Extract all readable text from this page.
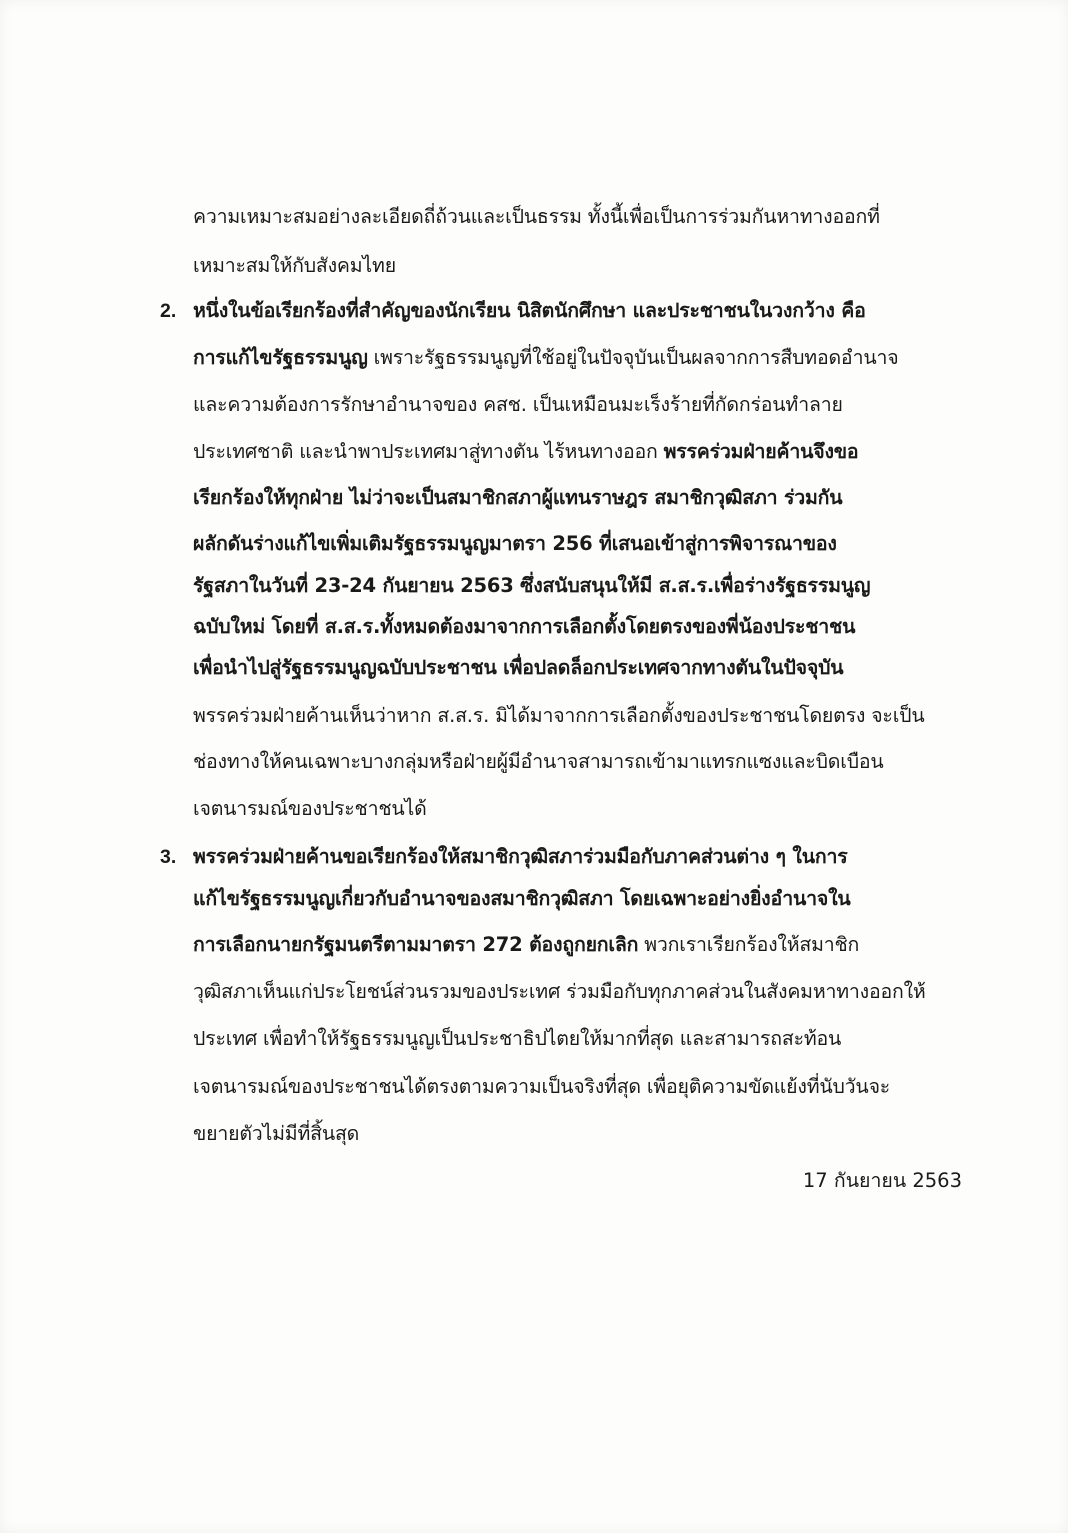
ความเหมาะสมอย่างละเอียดถี่ถ้วนและเป็นธรรม ทั้งนี้เพื่อเป็นการร่วมกันหาทางออกที่
เหมาะสมให้กับสังคมไทย
2. หนึ่งในข้อเรียกร้องที่สำคัญของนักเรียน นิสิตนักศึกษา และประชาชนในวงกว้าง คือ
การแก้ไขรัฐธรรมนูญ เพราะรัฐธรรมนูญที่ใช้อยู่ในปัจจุบันเป็นผลจากการสืบทอดอำนาจ
และความต้องการรักษาอำนาจของ คสช. เป็นเหมือนมะเร็งร้ายที่กัดกร่อนทำลาย
ประเทศชาติ และนำพาประเทศมาสู่ทางตัน ไร้หนทางออก พรรคร่วมฝ่ายค้านจึงขอ
เรียกร้องให้ทุกฝ่าย ไม่ว่าจะเป็นสมาชิกสภาผู้แทนราษฎร สมาชิกวุฒิสภา ร่วมกัน
ผลักดันร่างแก้ไขเพิ่มเติมรัฐธรรมนูญมาตรา 256 ที่เสนอเข้าสู่การพิจารณาของ
รัฐสภาในวันที่ 23-24 กันยายน 2563 ซึ่งสนับสนุนให้มี ส.ส.ร.เพื่อร่างรัฐธรรมนูญ
ฉบับใหม่ โดยที่ ส.ส.ร.ทั้งหมดต้องมาจากการเลือกตั้งโดยตรงของพี่น้องประชาชน
เพื่อนำไปสู่รัฐธรรมนูญฉบับประชาชน เพื่อปลดล็อกประเทศจากทางตันในปัจจุบัน
พรรคร่วมฝ่ายค้านเห็นว่าหาก ส.ส.ร. มิได้มาจากการเลือกตั้งของประชาชนโดยตรง จะเป็น
ช่องทางให้คนเฉพาะบางกลุ่มหรือฝ่ายผู้มีอำนาจสามารถเข้ามาแทรกแซงและบิดเบือน
เจตนารมณ์ของประชาชนได้
3. พรรคร่วมฝ่ายค้านขอเรียกร้องให้สมาชิกวุฒิสภาร่วมมือกับภาคส่วนต่าง ๆ ในการ
แก้ไขรัฐธรรมนูญเกี่ยวกับอำนาจของสมาชิกวุฒิสภา โดยเฉพาะอย่างยิ่งอำนาจใน
การเลือกนายกรัฐมนตรีตามมาตรา 272 ต้องถูกยกเลิก พวกเราเรียกร้องให้สมาชิก
วุฒิสภาเห็นแก่ประโยชน์ส่วนรวมของประเทศ ร่วมมือกับทุกภาคส่วนในสังคมหาทางออกให้
ประเทศ เพื่อทำให้รัฐธรรมนูญเป็นประชาธิปไตยให้มากที่สุด และสามารถสะท้อน
เจตนารมณ์ของประชาชนได้ตรงตามความเป็นจริงที่สุด เพื่อยุติความขัดแย้งที่นับวันจะ
ขยายตัวไม่มีที่สิ้นสุด
17 กันยายน 2563
